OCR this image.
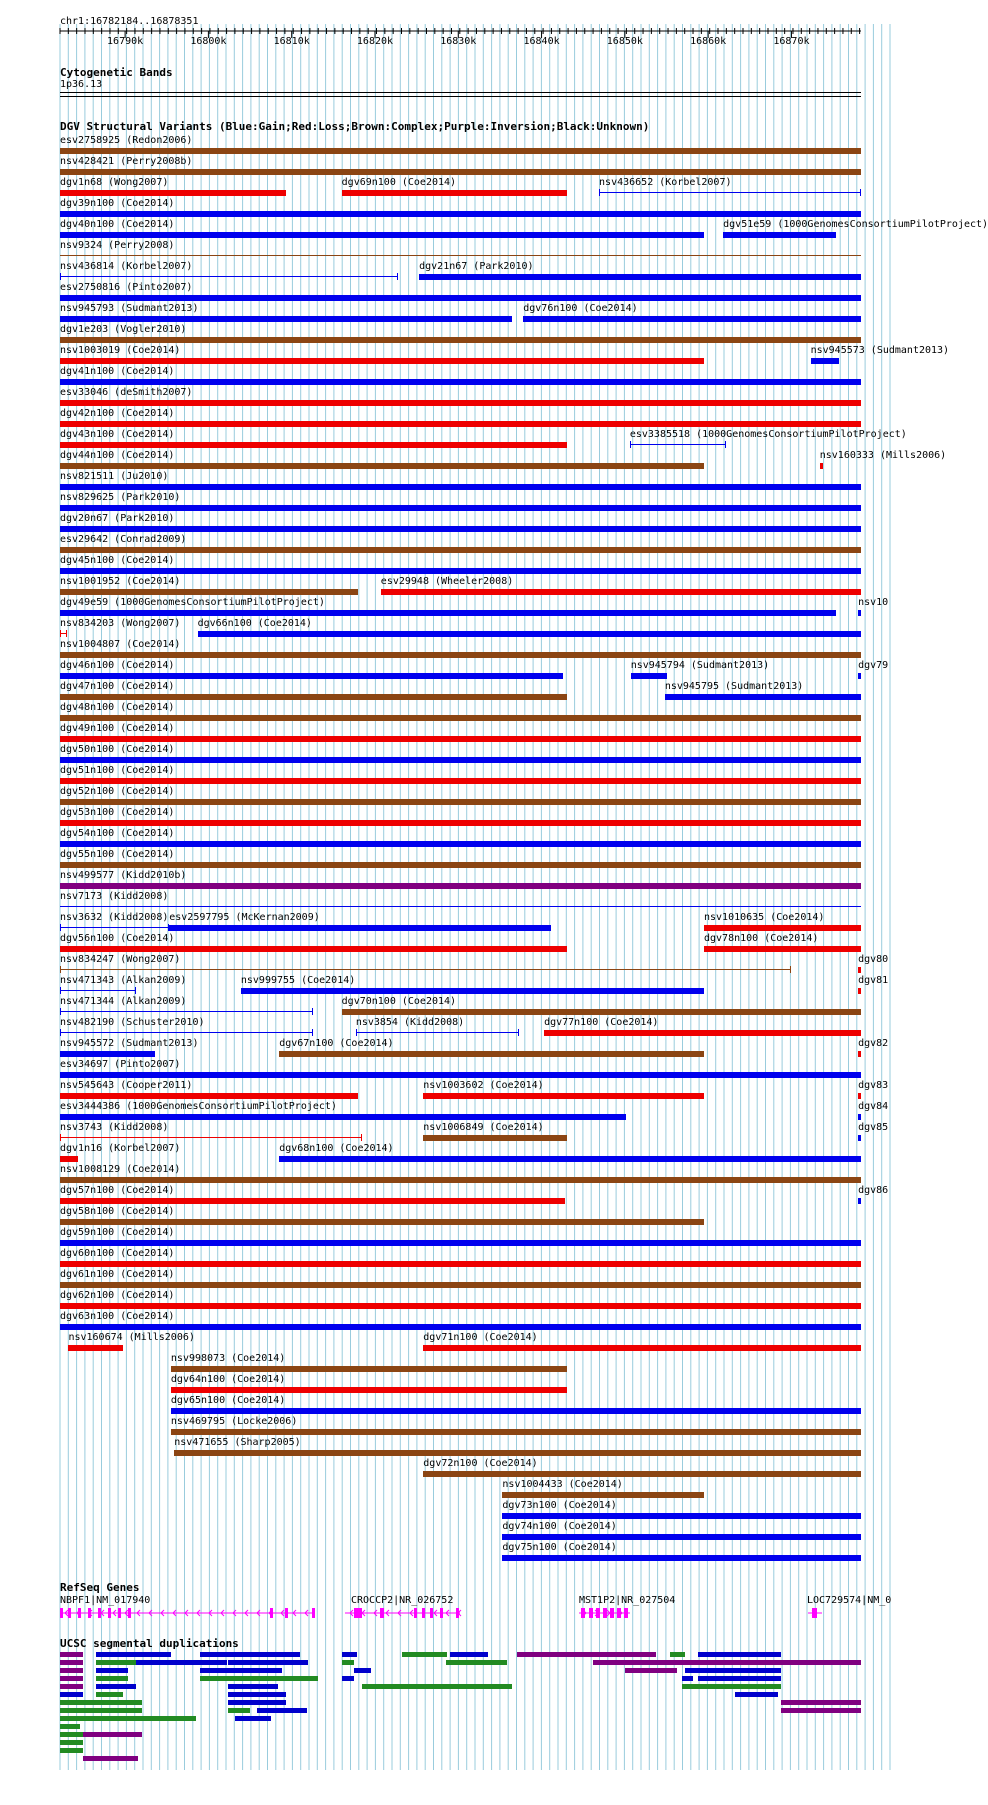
chr1:16782184..16878351
16790k	16800k	16810k	16820k	16830k	16840k	16850k	16860k	16870k
Cytogenetic Bands
1p36.13
DGV Structural Variants (Blue:Gain;Red:Loss;Brown:Complex;Purple:Inversion;Black:Unknown)
esv2758925 (Redon2006)
nsv428421 (Perry2008b)
dgv1n68 (Wong2007)	dgv69n100 (Coe2014)	nsv436652 (Korbel2007)
dgv39n100 (Coe2014)
dgv40n100 (Coe2014)	dgv51e59 (1000GenomesConsortiumPilotProject)
nsv9324 (Perry2008)
nsv436814 (Korbel2007)	dgv21n67 (Park2010)
esv2750816 (Pinto2007)
nsv945793 (Sudmant2013)	dgv76n100 (Coe2014)
dgv1e203 (Vogler2010)
nsv1003019 (Coe2014)	nsv945573 (Sudmant2013)
dgv41n100 (Coe2014)
esv33046 (deSmith2007)
dgv42n100 (Coe2014)
dgv43n100 (Coe2014)	esv3385518 (1000GenomesConsortiumPilotProject)
dgv44n100 (Coe2014)	nsv160333 (Mills2006)
nsv821511 (Ju2010)
nsv829625 (Park2010)
dgv20n67 (Park2010)
esv29642 (Conrad2009)
dgv45n100 (Coe2014)
nsv1001952 (Coe2014)	esv29948 (Wheeler2008)
dgv49e59 (1000GenomesConsortiumPilotProject)	nsv10
nsv834203 (Wong2007) dgv66n100 (Coe2014)
nsv1004807 (Coe2014)
dgv46n100 (Coe2014)	nsv945794 (Sudmant2013)	dgv79
dgv47n100 (Coe2014)	nsv945795 (Sudmant2013)
dgv48n100 (Coe2014)
dgv49n100 (Coe2014)
dgv50n100 (Coe2014)
dgv51n100 (Coe2014)
dgv52n100 (Coe2014)
dgv53n100 (Coe2014)
dgv54n100 (Coe2014)
dgv55n100 (Coe2014)
nsv499577 (Kidd2010b)
nsv7173 (Kidd2008)
nsv3632 (Kidd2008) esv2597795 (McKernan2009)	nsv1010635 (Coe2014)
dgv56n100 (Coe2014)	dgv78n100 (Coe2014)
nsv834247 (Wong2007)	dgv80
nsv471343 (Alkan2009)	nsv999755 (Coe2014)	dgv81
nsv471344 (Alkan2009)	dgv70n100 (Coe2014)
nsv482190 (Schuster2010)	nsv3854 (Kidd2008)	dgv77n100 (Coe2014)
nsv945572 (Sudmant2013)	dgv67n100 (Coe2014)	dgv82
esv34697 (Pinto2007)
nsv545643 (Cooper2011)	nsv1003602 (Coe2014)	dgv83
esv3444386 (1000GenomesConsortiumPilotProject)	dgv84
nsv3743 (Kidd2008)	nsv1006849 (Coe2014)	dgv85
dgv1n16 (Korbel2007)	dgv68n100 (Coe2014)
nsv1008129 (Coe2014)
dgv57n100 (Coe2014)	dgv86
dgv58n100 (Coe2014)
dgv59n100 (Coe2014)
dgv60n100 (Coe2014)
dgv61n100 (Coe2014)
dgv62n100 (Coe2014)
dgv63n100 (Coe2014)
nsv160674 (Mills2006)	dgv71n100 (Coe2014)
nsv998073 (Coe2014)
dgv64n100 (Coe2014)
dgv65n100 (Coe2014)
nsv469795 (Locke2006)
nsv471655 (Sharp2005)
dgv72n100 (Coe2014)
nsv1004433 (Coe2014)
dgv73n100 (Coe2014)
dgv74n100 (Coe2014)
dgv75n100 (Coe2014)
RefSeq Genes
NBPF1|NM_017940	CROCCP2|NR_026752	MST1P2|NR_027504	LOC729574|NM_0
UCSC segmental duplications
